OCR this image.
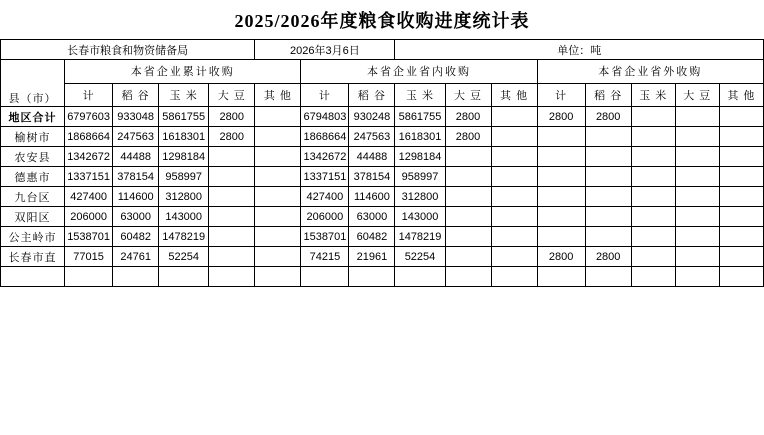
2025/2026年度粮食收购进度统计表
长春市粮食和物资储备局					2026年3月6日			单位：吨							

县（市）	本省企业累计收购					本省企业省内收购					本省企业省外收购				
	计	稻 谷	玉 米	大 豆	其 他	计	稻 谷	玉 米	大 豆	其 他	计	稻 谷	玉 米	大 豆	其 他
地区合计	6797603	933048	5861755	2800		6794803	930248	5861755	2800		2800	2800			
榆树市	1868664	247563	1618301	2800		1868664	247563	1618301	2800						
农安县	1342672	44488	1298184			1342672	44488	1298184							
德惠市	1337151	378154	958997			1337151	378154	958997							
九台区	427400	114600	312800			427400	114600	312800							
双阳区	206000	63000	143000			206000	63000	143000							
公主岭市	1538701	60482	1478219			1538701	60482	1478219							
长春市直	77015	24761	52254			74215	21961	52254			2800	2800			
